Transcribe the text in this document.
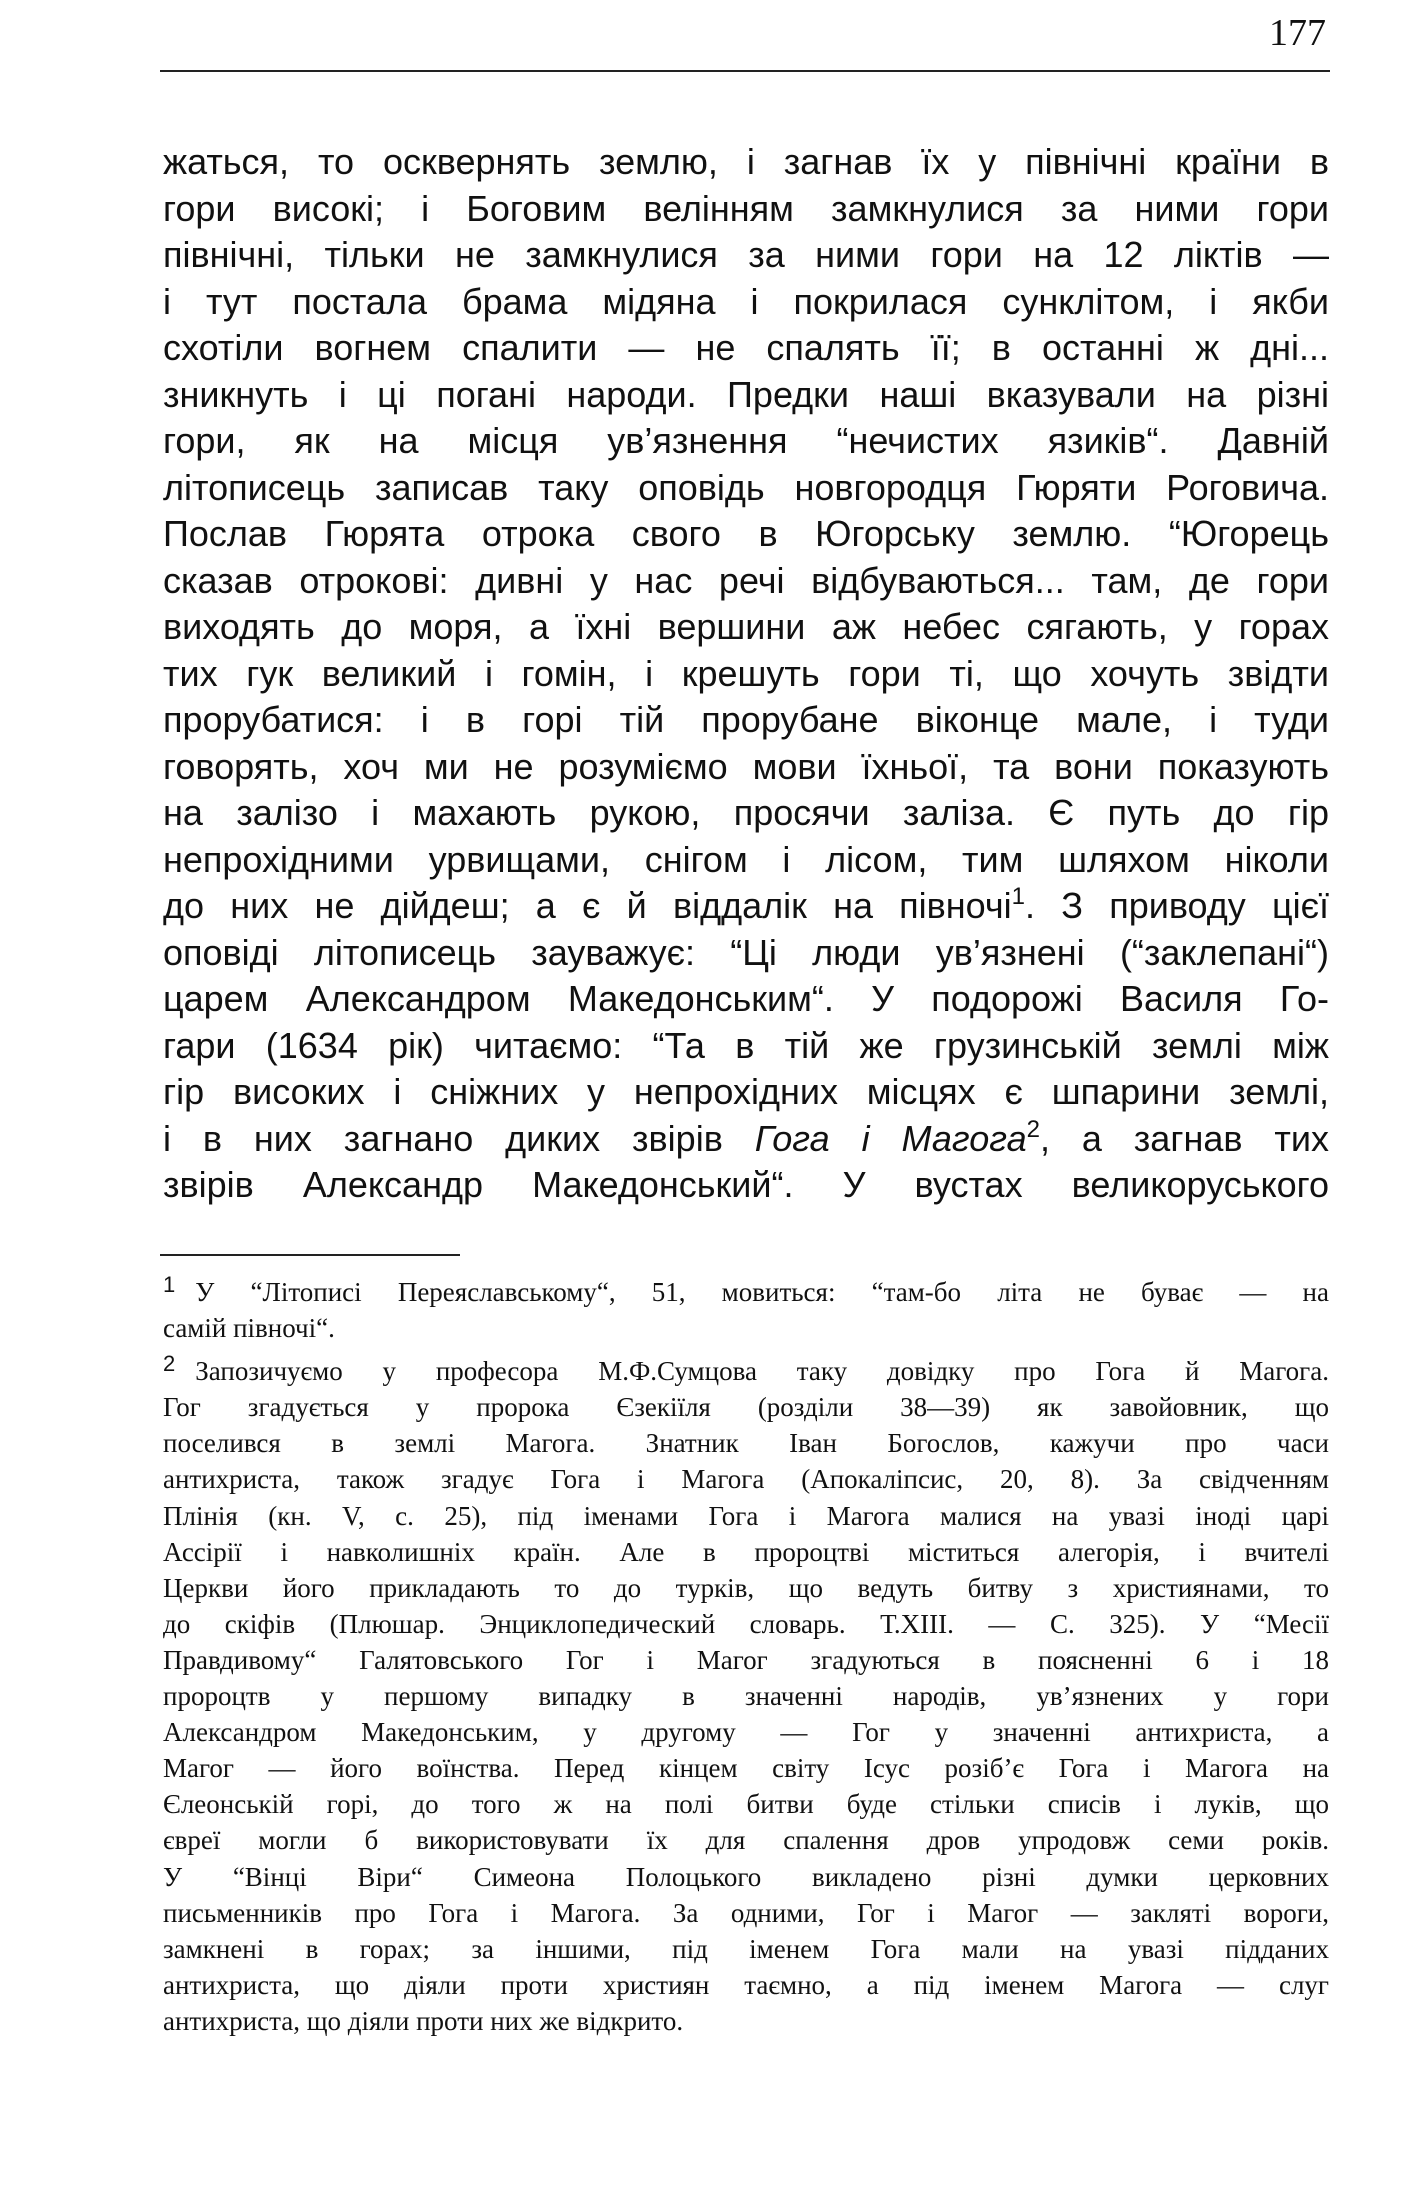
177
жаться, то осквернять землю, і загнав їх у північні країни в
гори високі; і Боговим велінням замкнулися за ними гори
північні, тільки не замкнулися за ними гори на 12 ліктів —
і тут постала брама мідяна і покрилася сунклітом, і якби
схотіли вогнем спалити — не спалять її; в останні ж дні...
зникнуть і ці погані народи. Предки наші вказували на різні
гори, як на місця ув’язнення “нечистих язиків“. Давній
літописець записав таку оповідь новгородця Гюряти Роговича.
Послав Гюрята отрока свого в Югорську землю. “Югорець
сказав отрокові: дивні у нас речі відбуваються... там, де гори
виходять до моря, а їхні вершини аж небес сягають, у горах
тих гук великий і гомін, і крешуть гори ті, що хочуть звідти
прорубатися: і в горі тій прорубане віконце мале, і туди
говорять, хоч ми не розуміємо мови їхньої, та вони показують
на залізо і махають рукою, просячи заліза. Є путь до гір
непрохідними урвищами, снігом і лісом, тим шляхом ніколи
до них не дійдеш; а є й віддалік на півночі$^1$. З приводу цієї
оповіді літописець зауважує: “Ці люди ув’язнені (“заклепані“)
царем Александром Македонським“. У подорожі Василя Го-
гари (1634 рік) читаємо: “Та в тій же грузинській землі між
гір високих і сніжних у непрохідних місцях є шпарини землі,
і в них загнано диких звірів Гога і Магога$^2$, а загнав тих
звірів Александр Македонський“. У вустах великоруського
$^1$ У “Літописі Переяславському“, 51, мовиться: “там-бо літа не буває — на
самій півночі“.
$^2$ Запозичуємо у професора М.Ф.Сумцова таку довідку про Гога й Магога.
Гог згадується у пророка Єзекіїля (розділи 38—39) як завойовник, що
поселився в землі Магога. Знатник Іван Богослов, кажучи про часи
антихриста, також згадує Гога і Магога (Апокаліпсис, 20, 8). За свідченням
Плінія (кн. V, с. 25), під іменами Гога і Магога малися на увазі іноді царі
Ассірії і навколишніх країн. Але в пророцтві міститься алегорія, і вчителі
Церкви його прикладають то до турків, що ведуть битву з християнами, то
до скіфів (Плюшар. Энциклопедический словарь. Т.XIII. — С. 325). У “Месії
Правдивому“ Галятовського Гог і Магог згадуються в поясненні 6 і 18
пророцтв у першому випадку в значенні народів, ув’язнених у гори
Александром Македонським, у другому — Гог у значенні антихриста, а
Магог — його воїнства. Перед кінцем світу Ісус розіб’є Гога і Магога на
Єлеонській горі, до того ж на полі битви буде стільки списів і луків, що
євреї могли б використовувати їх для спалення дров упродовж семи років.
У “Вінці Віри“ Симеона Полоцького викладено різні думки церковних
письменників про Гога і Магога. За одними, Гог і Магог — закляті вороги,
замкнені в горах; за іншими, під іменем Гога мали на увазі підданих
антихриста, що діяли проти християн таємно, а під іменем Магога — слуг
антихриста, що діяли проти них же відкрито.
